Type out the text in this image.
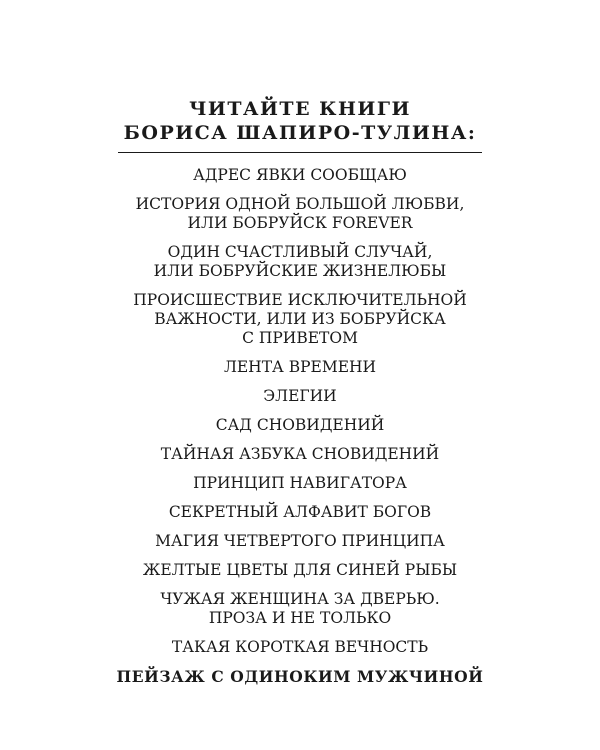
ЧИТАЙТЕ КНИГИ
БОРИСА ШАПИРО-ТУЛИНА:
АДРЕС ЯВКИ СООБЩАЮ
ИСТОРИЯ ОДНОЙ БОЛЬШОЙ ЛЮБВИ,
ИЛИ БОБРУЙСК FOREVER
ОДИН СЧАСТЛИВЫЙ СЛУЧАЙ,
ИЛИ БОБРУЙСКИЕ ЖИЗНЕЛЮБЫ
ПРОИСШЕСТВИЕ ИСКЛЮЧИТЕЛЬНОЙ
ВАЖНОСТИ, ИЛИ ИЗ БОБРУЙСКА
С ПРИВЕТОМ
ЛЕНТА ВРЕМЕНИ
ЭЛЕГИИ
САД СНОВИДЕНИЙ
ТАЙНАЯ АЗБУКА СНОВИДЕНИЙ
ПРИНЦИП НАВИГАТОРА
СЕКРЕТНЫЙ АЛФАВИТ БОГОВ
МАГИЯ ЧЕТВЕРТОГО ПРИНЦИПА
ЖЕЛТЫЕ ЦВЕТЫ ДЛЯ СИНЕЙ РЫБЫ
ЧУЖАЯ ЖЕНЩИНА ЗА ДВЕРЬЮ.
ПРОЗА И НЕ ТОЛЬКО
ТАКАЯ КОРОТКАЯ ВЕЧНОСТЬ
ПЕЙЗАЖ С ОДИНОКИМ МУЖЧИНОЙ
